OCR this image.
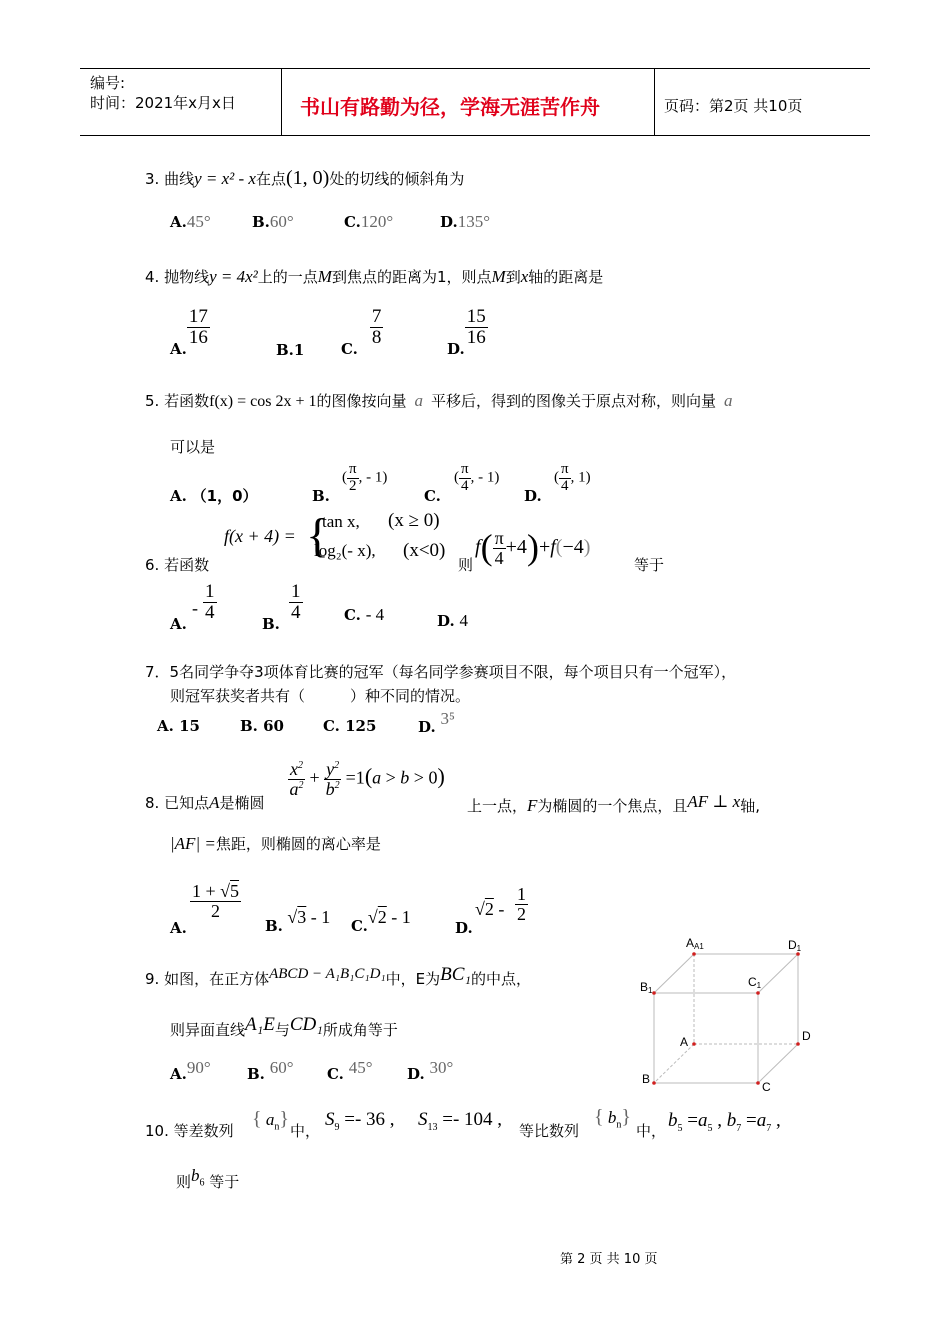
编号:
时间：2021年x月x日	书山有路勤为径，学海无涯苦作舟	页码：第2页 共10页
3. 曲线y = x² - x在点(1, 0)处的切线的倾斜角为
A.45°	B.60°	C.120°	D.135°
4. 抛物线y = 4x²上的一点M到焦点的距离为1，则点M到x轴的距离是
A.
$\frac{17}{16}$
B.1 C.
$\frac{7}{8}$
D.
$\frac{15}{16}$
5. 若函数f(x) = cos 2x + 1的图像按向量 a 平移后，得到的图像关于原点对称，则向量 a
可以是
A. （1，0）	B.
( $\frac{\pi}{2}$ , - 1)
C.
( $\frac{\pi}{4}$ , - 1)
D.
( $\frac{\pi}{4}$ , 1)
6. 若函数
f(x + 4) = {
tan x, (x ≥ 0)
log₂(- x), (x<0)
则
$f( \frac{\pi}{4} +4)+f(-4)$
等于
A.
- $\frac{1}{4}$
B.
$\frac{1}{4}$	C. - 4	D. 4
7．5名同学争夺3项体育比赛的冠军（每名同学参赛项目不限，每个项目只有一个冠军），
则冠军获奖者共有（　　　）种不同的情况。
A. 15	B. 60	C. 125	D. 3⁵
8. 已知点A是椭圆
$\frac{x^2}{a^2} + \frac{y^2}{b^2} =1(a > b > 0)$
上一点，F为椭圆的一个焦点，且AF ⊥ x轴,
|AF| =焦距，则椭圆的离心率是
A.
$\frac{1 + √5}{2}$
B. √3 - 1 C.√2 - 1
D.
$√2 - \frac{1}{2}$
9. 如图，在正方体ABCD − A₁B₁C₁D₁中，E为BC₁的中点，
则异面直线A₁E与CD₁所成角等于
A.90° B. 60° C. 45° D. 30°
AA1	D1
B1
C1
A	D
B
C
10. 等差数列
{ $a_n$}
中，
$S_9 =- 36$ , $S_{13} =- 104$ ,
等比数列
{ $b_n$}
中， $b_5 =a_5$ , $b_7 =a_7$ ,
则$b_6$ 等于
第 2 页 共 10 页
